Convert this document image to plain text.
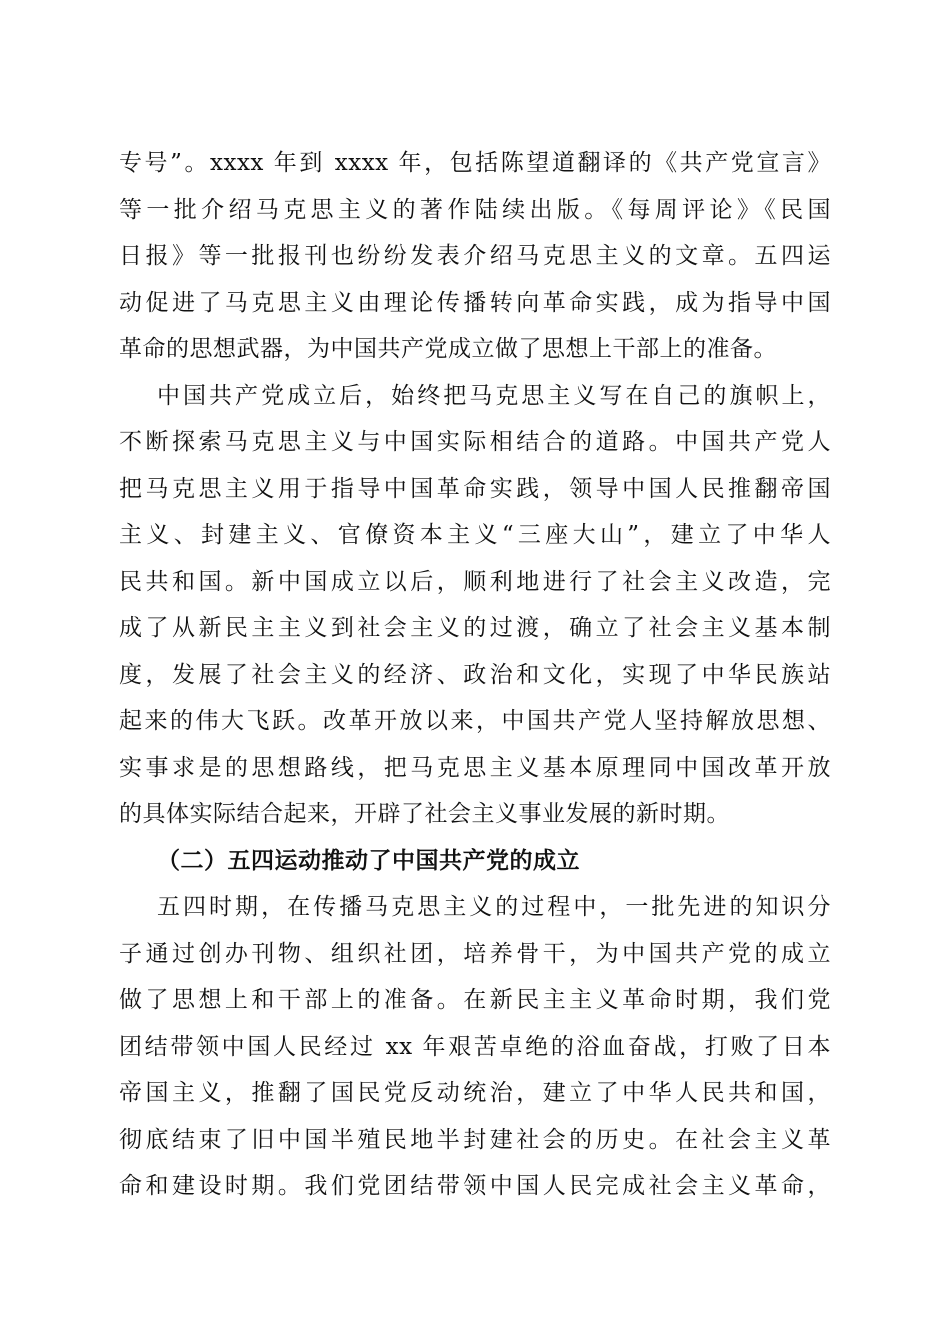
专号”。xxxx 年到 xxxx 年，包括陈望道翻译的《共产党宣言》
等一批介绍马克思主义的著作陆续出版。《每周评论》《民国
日报》等一批报刊也纷纷发表介绍马克思主义的文章。五四运
动促进了马克思主义由理论传播转向革命实践，成为指导中国
革命的思想武器，为中国共产党成立做了思想上干部上的准备。
中国共产党成立后，始终把马克思主义写在自己的旗帜上，
不断探索马克思主义与中国实际相结合的道路。中国共产党人
把马克思主义用于指导中国革命实践，领导中国人民推翻帝国
主义、封建主义、官僚资本主义“三座大山”，建立了中华人
民共和国。新中国成立以后，顺利地进行了社会主义改造，完
成了从新民主主义到社会主义的过渡，确立了社会主义基本制
度，发展了社会主义的经济、政治和文化，实现了中华民族站
起来的伟大飞跃。改革开放以来，中国共产党人坚持解放思想、
实事求是的思想路线，把马克思主义基本原理同中国改革开放
的具体实际结合起来，开辟了社会主义事业发展的新时期。
（二）五四运动推动了中国共产党的成立
五四时期，在传播马克思主义的过程中，一批先进的知识分
子通过创办刊物、组织社团，培养骨干，为中国共产党的成立
做了思想上和干部上的准备。在新民主主义革命时期，我们党
团结带领中国人民经过 xx 年艰苦卓绝的浴血奋战，打败了日本
帝国主义，推翻了国民党反动统治，建立了中华人民共和国，
彻底结束了旧中国半殖民地半封建社会的历史。在社会主义革
命和建设时期。我们党团结带领中国人民完成社会主义革命，
